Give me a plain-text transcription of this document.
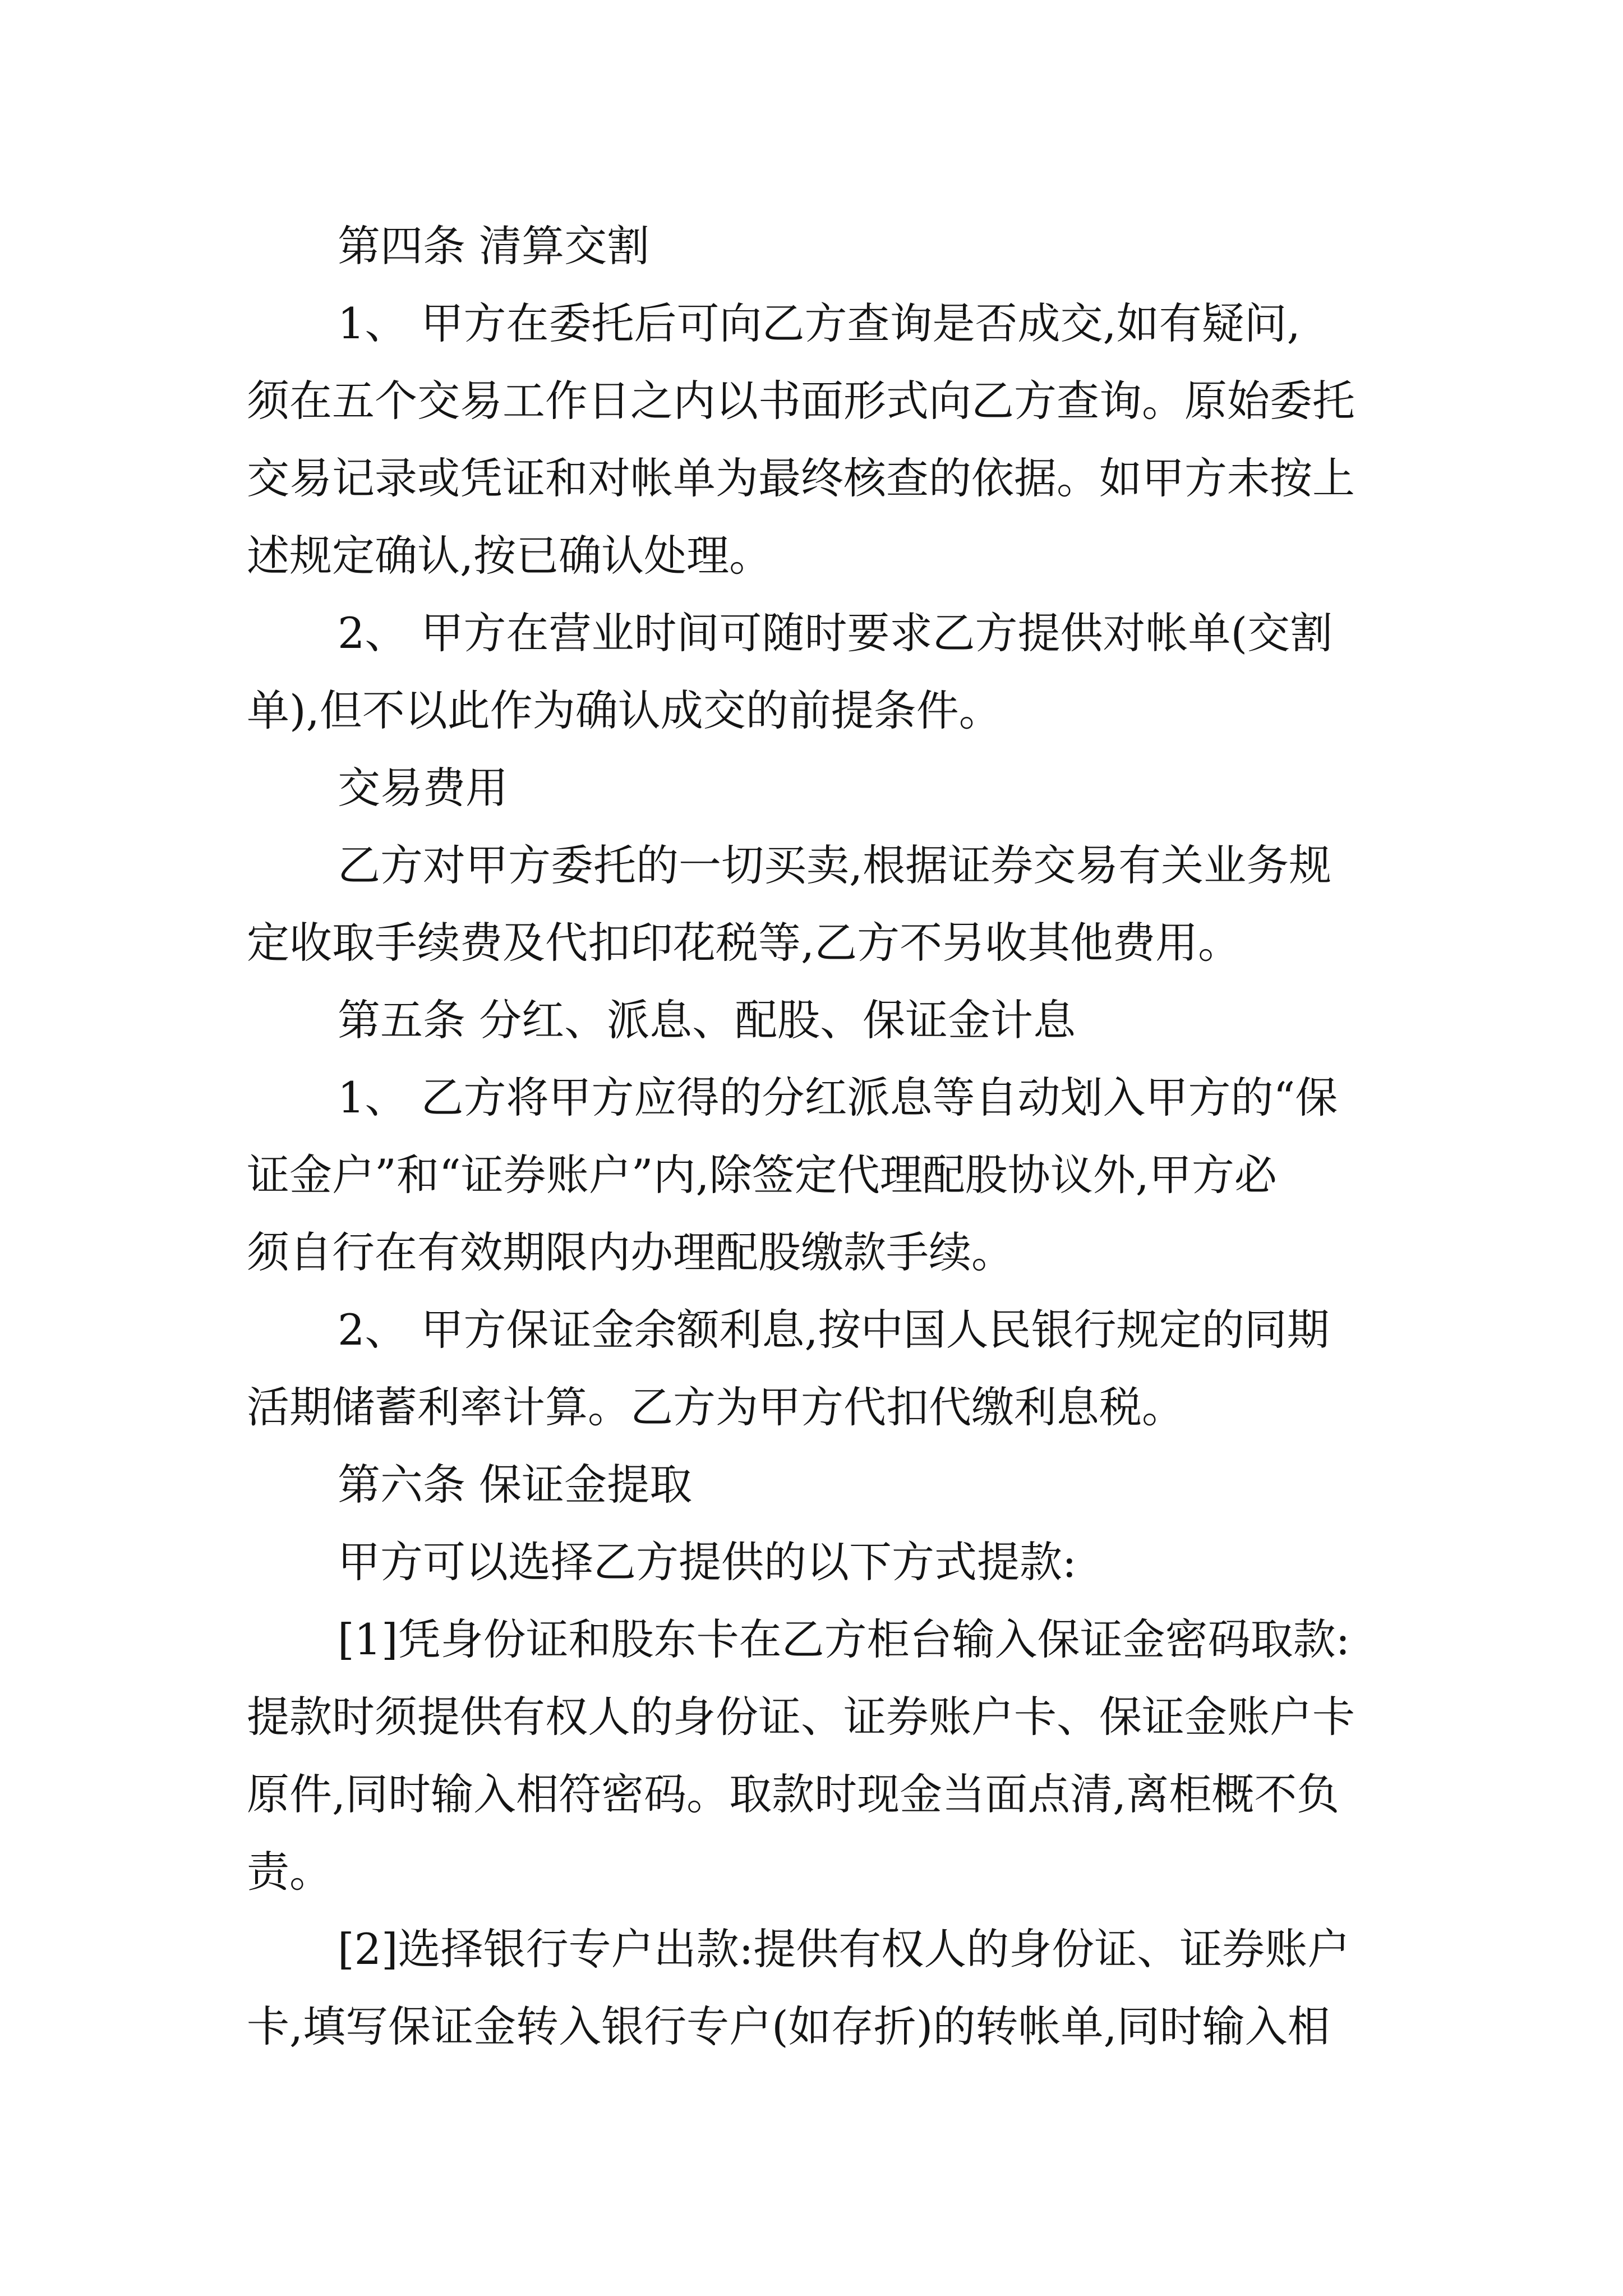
第四条 清算交割
1、 甲方在委托后可向乙方查询是否成交,如有疑问,
须在五个交易工作日之内以书面形式向乙方查询。原始委托
交易记录或凭证和对帐单为最终核查的依据。如甲方未按上
述规定确认,按已确认处理。
2、 甲方在营业时间可随时要求乙方提供对帐单(交割
单),但不以此作为确认成交的前提条件。
交易费用
乙方对甲方委托的一切买卖,根据证券交易有关业务规
定收取手续费及代扣印花税等,乙方不另收其他费用。
第五条 分红、派息、配股、保证金计息
1、 乙方将甲方应得的分红派息等自动划入甲方的“保
证金户”和“证券账户”内,除签定代理配股协议外,甲方必
须自行在有效期限内办理配股缴款手续。
2、 甲方保证金余额利息,按中国人民银行规定的同期
活期储蓄利率计算。乙方为甲方代扣代缴利息税。
第六条 保证金提取
甲方可以选择乙方提供的以下方式提款:
[1]凭身份证和股东卡在乙方柜台输入保证金密码取款:
提款时须提供有权人的身份证、证券账户卡、保证金账户卡
原件,同时输入相符密码。取款时现金当面点清,离柜概不负
责。
[2]选择银行专户出款:提供有权人的身份证、证券账户
卡,填写保证金转入银行专户(如存折)的转帐单,同时输入相
